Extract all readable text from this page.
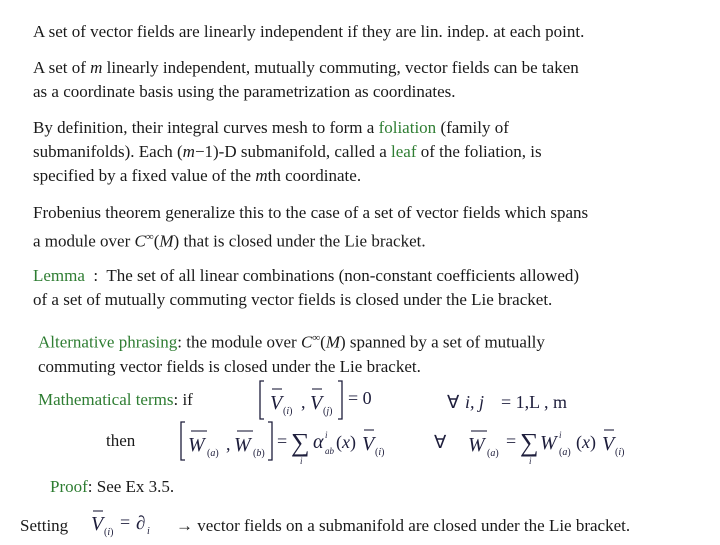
A set of vector fields are linearly independent if they are lin. indep. at each point.
A set of m linearly independent, mutually commuting, vector fields can be taken
as a coordinate basis using the parametrization as coordinates.
By definition, their integral curves mesh to form a foliation (family of
submanifolds). Each (m−1)-D submanifold, called a leaf of the foliation, is
specified by a fixed value of the mth coordinate.
Frobenius theorem generalize this to the case of a set of vector fields which spans
a module over C∞(M) that is closed under the Lie bracket.
Lemma  :  The set of all linear combinations (non-constant coefficients allowed)
of a set of mutually commuting vector fields is closed under the Lie bracket.
Alternative phrasing: the module over C∞(M) spanned by a set of mutually
commuting vector fields is closed under the Lie bracket.
Mathematical terms: if	V (i) , V (j)
= 0	∀ i, j = 1,L , m
then	W (a) , W (b)
= ∑
i
α i
ab (x) V (i)
∀ W (a)
= ∑
i
W i
(a)
(x) V (i)
Proof: See Ex 3.5.
Setting V (i)
= ∂ i → vector fields on a submanifold are closed under the Lie bracket.
